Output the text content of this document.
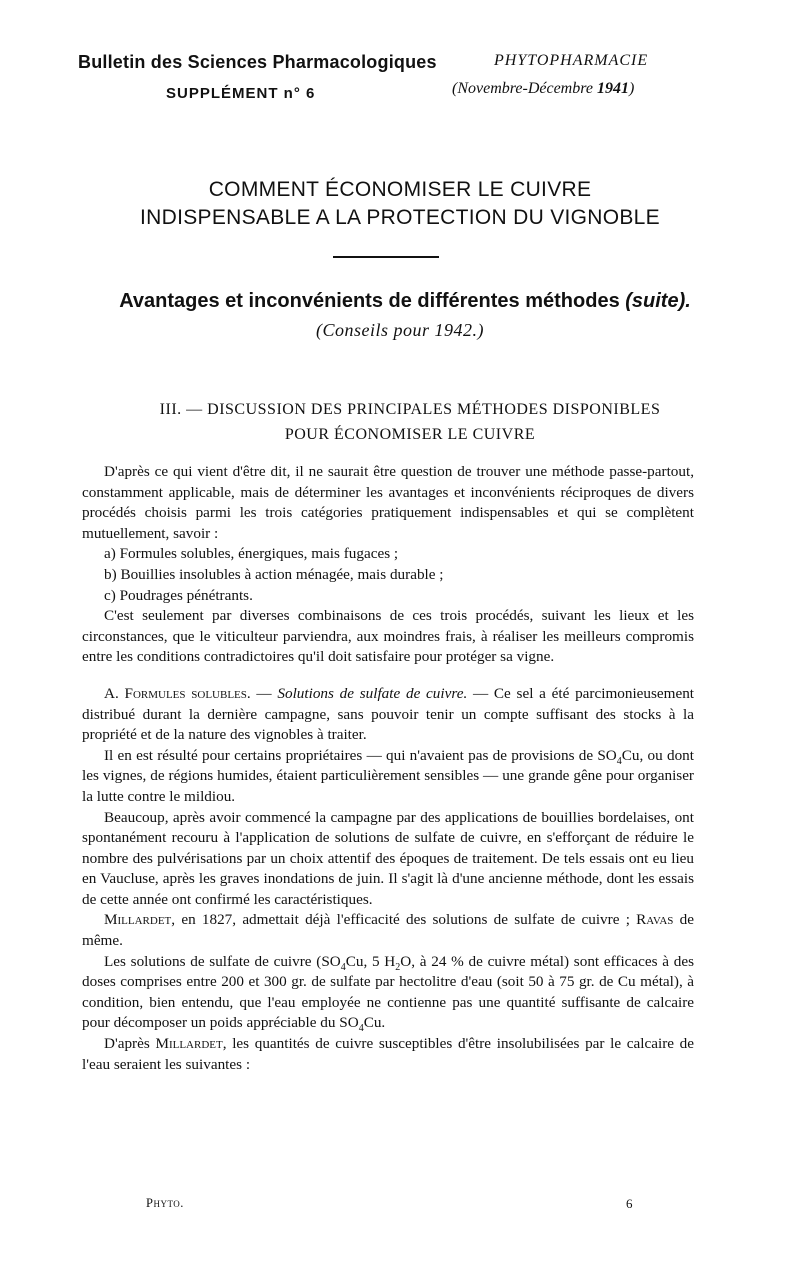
Bulletin des Sciences Pharmacologiques
SUPPLÉMENT n° 6
PHYTOPHARMACIE
(Novembre-Décembre 1941)
COMMENT ÉCONOMISER LE CUIVRE
INDISPENSABLE A LA PROTECTION DU VIGNOBLE
Avantages et inconvénients de différentes méthodes (suite).
(Conseils pour 1942.)
III. — DISCUSSION DES PRINCIPALES MÉTHODES DISPONIBLES
POUR ÉCONOMISER LE CUIVRE

D'après ce qui vient d'être dit, il ne saurait être question de trouver une méthode passe-partout, constamment applicable, mais de déterminer les avantages et inconvénients réciproques de divers procédés choisis parmi les trois catégories pratiquement indispensables et qui se complètent mutuellement, savoir :

a) Formules solubles, énergiques, mais fugaces ;

b) Bouillies insolubles à action ménagée, mais durable ;

c) Poudrages pénétrants.

C'est seulement par diverses combinaisons de ces trois procédés, suivant les lieux et les circonstances, que le viticulteur parviendra, aux moindres frais, à réaliser les meilleurs compromis entre les conditions contradictoires qu'il doit satisfaire pour protéger sa vigne.

A. Formules solubles. — Solutions de sulfate de cuivre. — Ce sel a été parcimonieusement distribué durant la dernière campagne, sans pouvoir tenir un compte suffisant des stocks à la propriété et de la nature des vignobles à traiter.

Il en est résulté pour certains propriétaires — qui n'avaient pas de provisions de $SO_4Cu$, ou dont les vignes, de régions humides, étaient particulièrement sensibles — une grande gêne pour organiser la lutte contre le mildiou.

Beaucoup, après avoir commencé la campagne par des applications de bouillies bordelaises, ont spontanément recouru à l'application de solutions de sulfate de cuivre, en s'efforçant de réduire le nombre des pulvérisations par un choix attentif des époques de traitement. De tels essais ont eu lieu en Vaucluse, après les graves inondations de juin. Il s'agit là d'une ancienne méthode, dont les essais de cette année ont confirmé les caractéristiques.

Millardet, en 1827, admettait déjà l'efficacité des solutions de sulfate de cuivre ; Ravas de même.

Les solutions de sulfate de cuivre ($SO_4Cu$, 5 $H_2O$, à 24 % de cuivre métal) sont efficaces à des doses comprises entre 200 et 300 gr. de sulfate par hectolitre d'eau (soit 50 à 75 gr. de Cu métal), à condition, bien entendu, que l'eau employée ne contienne pas une quantité suffisante de calcaire pour décomposer un poids appréciable du $SO_4Cu$.

D'après Millardet, les quantités de cuivre susceptibles d'être insolubilisées par le calcaire de l'eau seraient les suivantes :

Phyto.	6
